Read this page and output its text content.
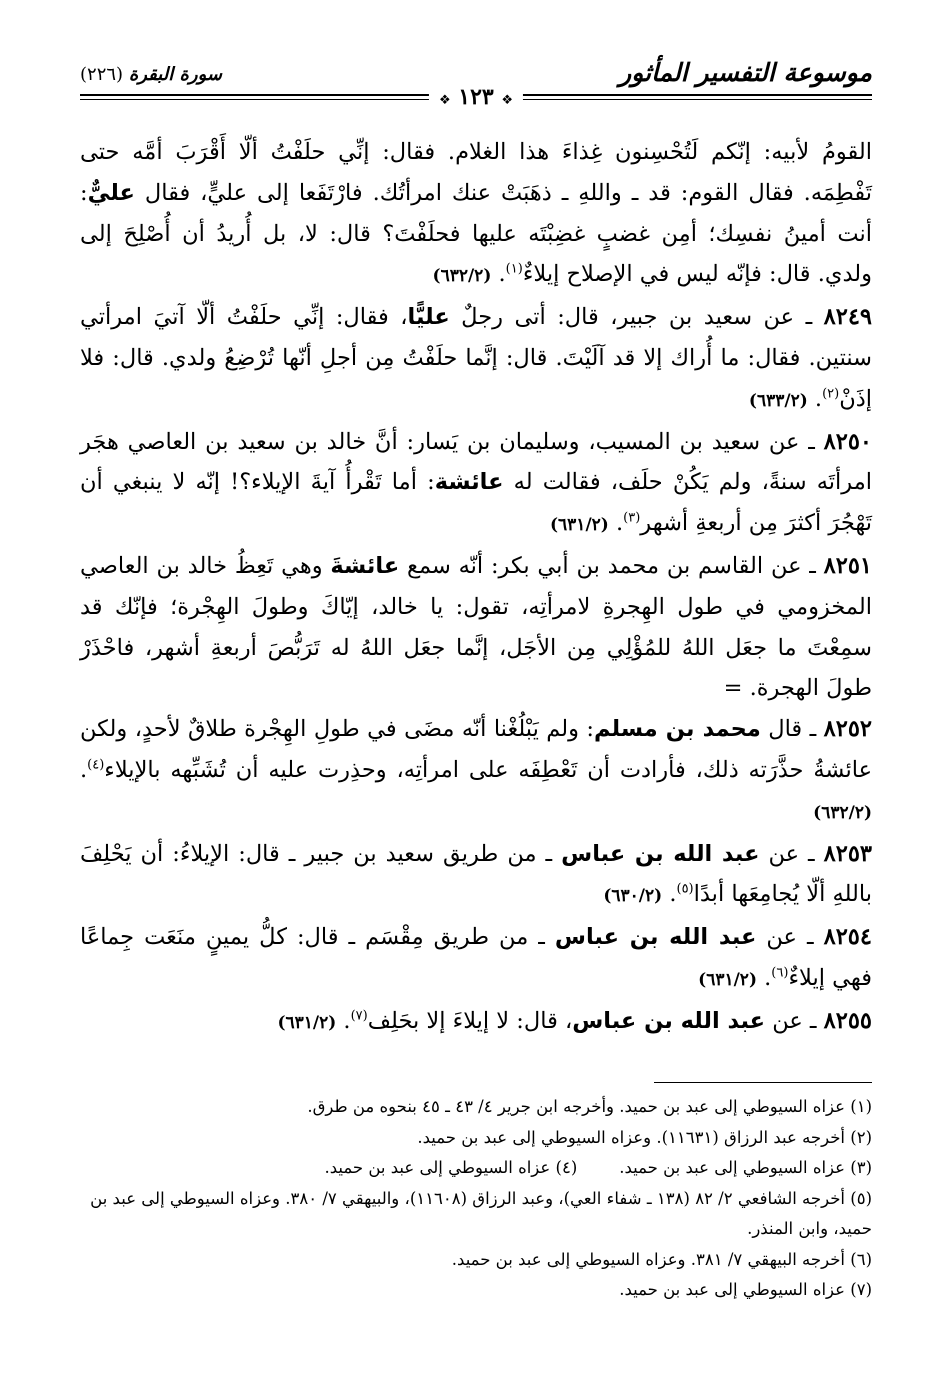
موسوعة التفسير المأثور
سورة البقرة (٢٢٦)
❖ ١٢٣ ❖

القومُ لأبيه: إنّكم لَتُحْسِنون غِذاءَ هذا الغلام. فقال: إنِّي حلَفْتُ ألّا أَقْرَبَ أمَّه حتى تَفْطِمَه. فقال القوم: قد ـ واللهِ ـ ذهَبَتْ عنك امرأتُك. فارْتَفَعا إلى عليٍّ، فقال عليٌّ: أنت أمينُ نفسِك؛ أمِن غضبٍ غضِبْتَه عليها فحلَفْتَ؟ قال: لا، بل أُريدُ أن أُصْلِحَ إلى ولدي. قال: فإنّه ليس في الإصلاح إيلاءٌ$^{(١)}$. (٦٣٢/٢)

٨٢٤٩ ـ عن سعيد بن جبير، قال: أتى رجلٌ عليًّا، فقال: إنِّي حلَفْتُ ألّا آتيَ امرأتي سنتين. فقال: ما أُراك إلا قد آلَيْتَ. قال: إنَّما حلَفْتُ مِن أجلِ أنّها تُرْضِعُ ولدي. قال: فلا إذَنْ$^{(٢)}$. (٦٣٣/٢)

٨٢٥٠ ـ عن سعيد بن المسيب، وسليمان بن يَسار: أنَّ خالد بن سعيد بن العاصي هجَر امرأتَه سنةً، ولم يَكُنْ حلَف، فقالت له عائشة: أما تَقْرأُ آيةَ الإيلاء؟! إنّه لا ينبغي أن تَهْجُرَ أكثرَ مِن أربعةِ أشهر$^{(٣)}$. (٦٣١/٢)

٨٢٥١ ـ عن القاسم بن محمد بن أبي بكر: أنّه سمع عائشةَ وهي تَعِظُ خالد بن العاصي المخزومي في طول الهِجرةِ لامرأتِه، تقول: يا خالد، إيّاكَ وطولَ الهِجْرة؛ فإنّك قد سمِعْتَ ما جعَل اللهُ للمُؤْلِي مِن الأجَل، إنَّما جعَل اللهُ له تَرَبُّصَ أربعةِ أشهر، فاحْذَرْ طولَ الهجرة. =

٨٢٥٢ ـ قال محمد بن مسلم: ولم يَبْلُغْنا أنّه مضَى في طولِ الهِجْرة طلاقٌ لأحدٍ، ولكن عائشةُ حذَّرَته ذلك، فأرادت أن تَعْطِفَه على امرأتِه، وحذِرت عليه أن تُشَبِّهه بالإيلاء$^{(٤)}$. (٦٣٢/٢)

٨٢٥٣ ـ عن عبد الله بن عباس ـ من طريق سعيد بن جبير ـ قال: الإيلاءُ: أن يَحْلِفَ باللهِ ألّا يُجامِعَها أبدًا$^{(٥)}$. (٦٣٠/٢)

٨٢٥٤ ـ عن عبد الله بن عباس ـ من طريق مِقْسَم ـ قال: كلُّ يمينٍ منَعَت جِماعًا فهي إيلاءٌ$^{(٦)}$. (٦٣١/٢)

٨٢٥٥ ـ عن عبد الله بن عباس، قال: لا إيلاءَ إلا بحَلِف$^{(٧)}$. (٦٣١/٢)

(١) عزاه السيوطي إلى عبد بن حميد. وأخرجه ابن جرير ٤/ ٤٣ ـ ٤٥ بنحوه من طرق.

(٢) أخرجه عبد الرزاق (١١٦٣١). وعزاه السيوطي إلى عبد بن حميد.

(٣) عزاه السيوطي إلى عبد بن حميد.

(٤) عزاه السيوطي إلى عبد بن حميد.

(٥) أخرجه الشافعي ٢/ ٨٢ (١٣٨ ـ شفاء العي)، وعبد الرزاق (١١٦٠٨)، والبيهقي ٧/ ٣٨٠. وعزاه السيوطي إلى عبد بن حميد، وابن المنذر.

(٦) أخرجه البيهقي ٧/ ٣٨١. وعزاه السيوطي إلى عبد بن حميد.

(٧) عزاه السيوطي إلى عبد بن حميد.
